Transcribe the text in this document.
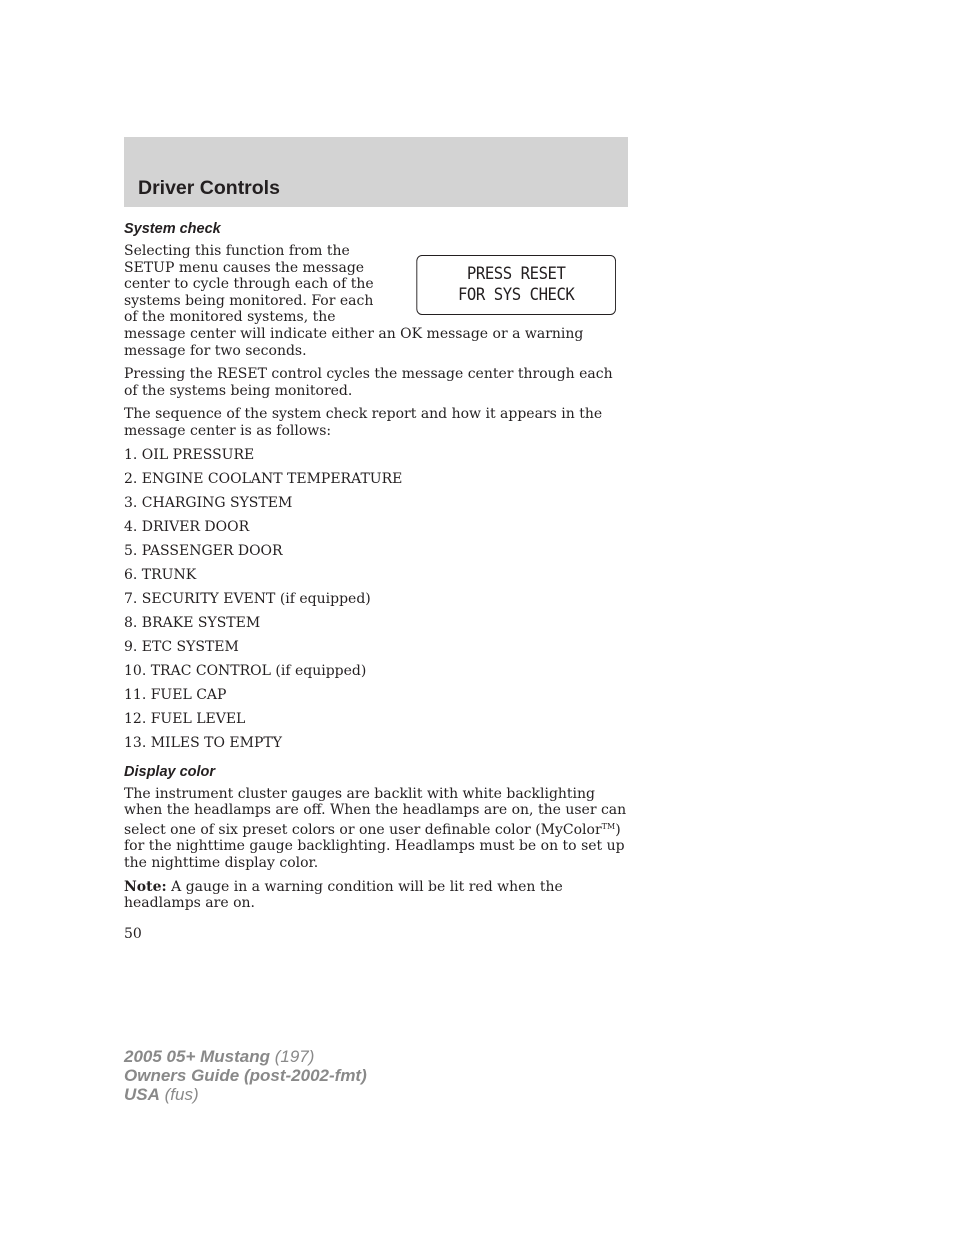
Driver Controls
System check
PRESS RESET
FOR SYS CHECK

Selecting this function from the SETUP menu causes the message center to cycle through each of the systems being monitored. For each of the monitored systems, the message center will indicate either an OK message or a warning message for two seconds.

Pressing the RESET control cycles the message center through each of the systems being monitored.

The sequence of the system check report and how it appears in the message center is as follows:

1. OIL PRESSURE
2. ENGINE COOLANT TEMPERATURE
3. CHARGING SYSTEM
4. DRIVER DOOR
5. PASSENGER DOOR
6. TRUNK
7. SECURITY EVENT (if equipped)
8. BRAKE SYSTEM
9. ETC SYSTEM
10. TRAC CONTROL (if equipped)
11. FUEL CAP
12. FUEL LEVEL
13. MILES TO EMPTY
Display color

The instrument cluster gauges are backlit with white backlighting when the headlamps are off. When the headlamps are on, the user can select one of six preset colors or one user definable color (MyColor™) for the nighttime gauge backlighting. Headlamps must be on to set up the nighttime display color.

Note: A gauge in a warning condition will be lit red when the headlamps are on.

50
2005 05+ Mustang (197)
Owners Guide (post-2002-fmt)
USA (fus)
